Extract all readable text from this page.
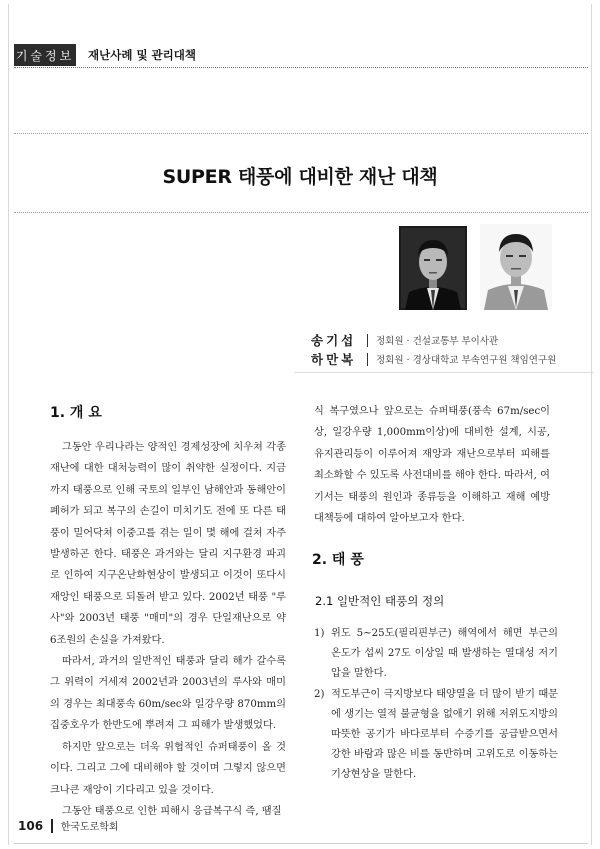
기술정보 재난사례 및 관리대책
SUPER 태풍에 대비한 재난 대책
송기섭	정회원 · 건설교통부 부이사관
하만복	정회원 · 경상대학교 부속연구원 책임연구원
1. 개 요

그동안 우리나라는 양적인 경제성장에 치우쳐 각종 재난에 대한 대처능력이 많이 취약한 실정이다. 지금까지 태풍으로 인해 국토의 일부인 남해안과 동해안이 폐허가 되고 복구의 손길이 미치기도 전에 또 다른 태풍이 밀어닥쳐 이중고를 겪는 일이 몇 해에 걸쳐 자주 발생하곤 한다. 태풍은 과거와는 달리 지구환경 파괴로 인하여 지구온난화현상이 발생되고 이것이 또다시 재앙인 태풍으로 되돌려 받고 있다. 2002년 태풍 "루사"와 2003년 태풍 "매미"의 경우 단일재난으로 약 6조원의 손실을 가져왔다.

따라서, 과거의 일반적인 태풍과 달리 해가 갈수록 그 위력이 거세져 2002년과 2003년의 루사와 매미의 경우는 최대풍속 60m/sec와 일강우량 870mm의 집중호우가 한반도에 뿌려져 그 피해가 발생했었다.

하지만 앞으로는 더욱 위협적인 슈퍼태풍이 올 것이다. 그리고 그에 대비해야 할 것이며 그렇지 않으면 크나큰 재앙이 기다리고 있을 것이다.

그동안 태풍으로 인한 피해시 응급복구식 즉, 땜질

식 복구였으나 앞으로는 슈퍼태풍(풍속 67m/sec이상, 일강우량 1,000mm이상)에 대비한 설계, 시공, 유지관리등이 이루어져 재앙과 재난으로부터 피해를 최소화할 수 있도록 사전대비를 해야 한다. 따라서, 여기서는 태풍의 원인과 종류등을 이해하고 재해 예방 대책등에 대하여 알아보고자 한다.

2. 태 풍
2.1 일반적인 태풍의 정의
1) 위도 5~25도(필리핀부근) 해역에서 해면 부근의 온도가 섭씨 27도 이상일 때 발생하는 열대성 저기압을 말한다.
2) 적도부근이 극지방보다 태양열을 더 많이 받기 때문에 생기는 열적 불균형을 없애기 위해 저위도지방의 따뜻한 공기가 바다로부터 수증기를 공급받으면서 강한 바람과 많은 비를 동반하며 고위도로 이동하는 기상현상을 말한다.
106 한국도로학회
